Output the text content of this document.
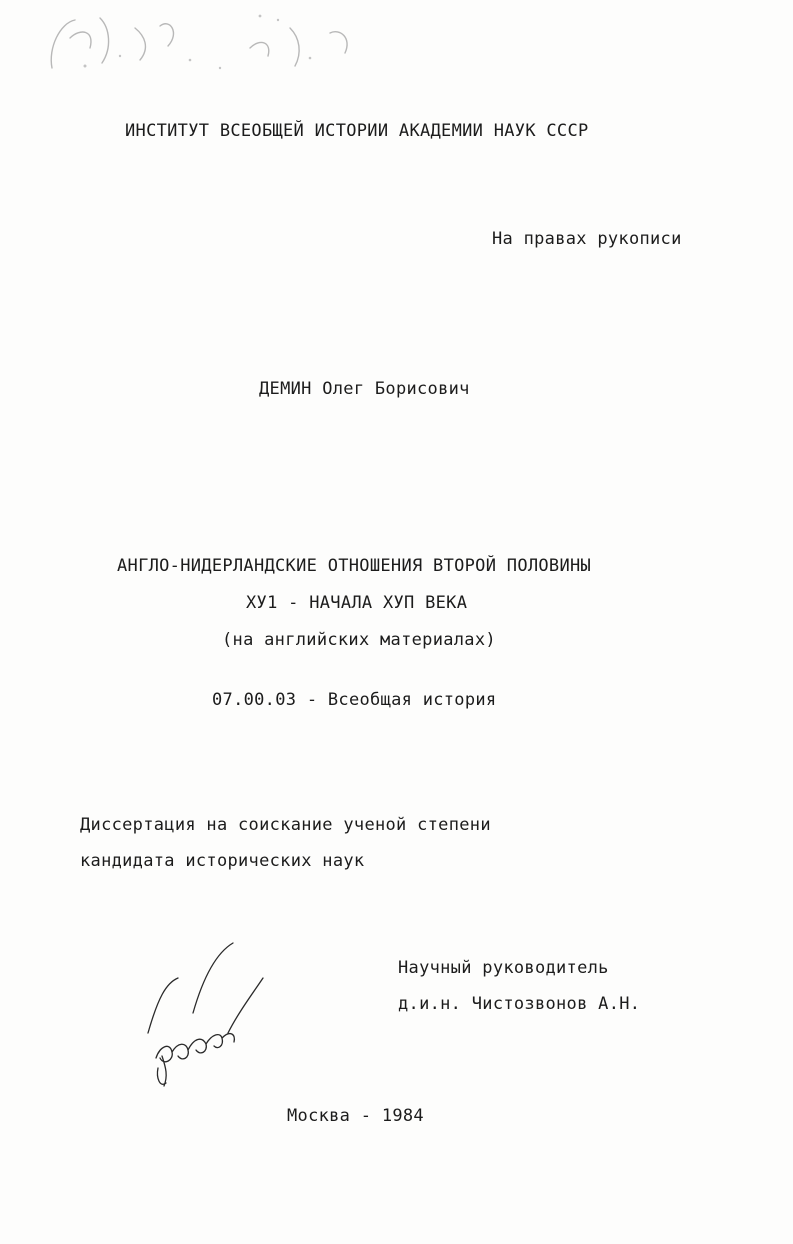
ИНСТИТУТ ВСЕОБЩЕЙ ИСТОРИИ АКАДЕМИИ НАУК СССР
На правах рукописи
ДЕМИН Олег Борисович
АНГЛО-НИДЕРЛАНДСКИЕ ОТНОШЕНИЯ ВТОРОЙ ПОЛОВИНЫ
ХУ1 - НАЧАЛА ХУП ВЕКА
(на английских материалах)
07.00.03 - Всеобщая история
Диссертация на соискание ученой степени
кандидата исторических наук
Научный руководитель
д.и.н. Чистозвонов А.Н.
Москва - 1984
